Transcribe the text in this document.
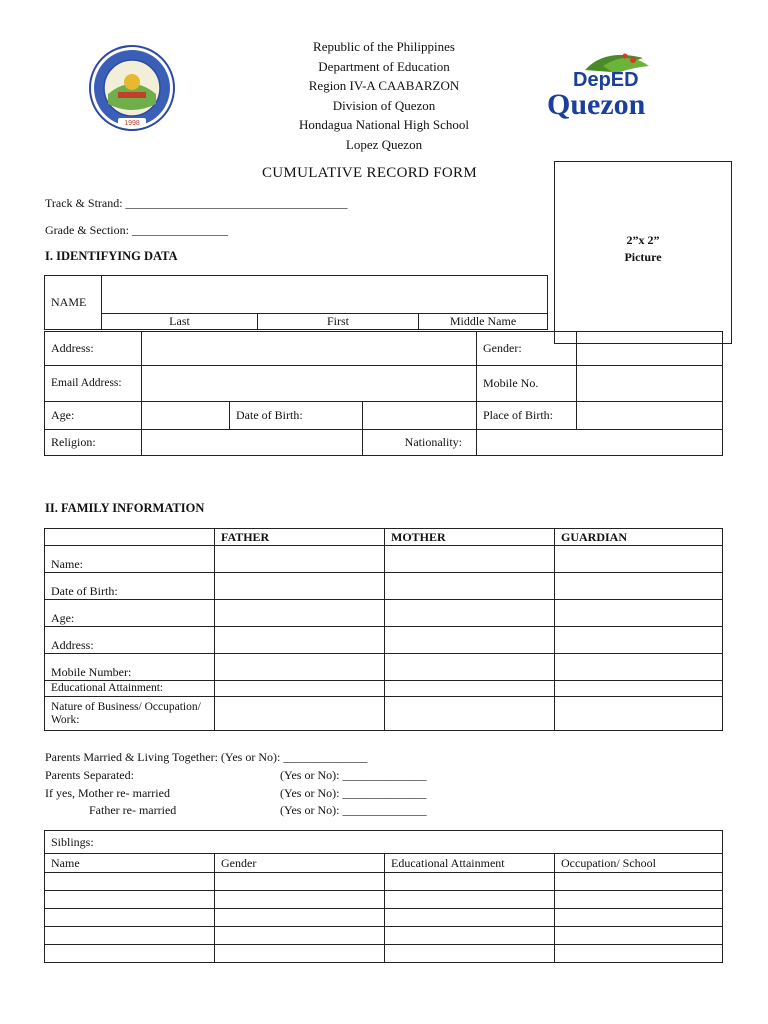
Republic of the Philippines
Department of Education
Region IV-A CAABARZON
Division of Quezon
Hondagua National High School
Lopez Quezon
1998
DepED
Quezon
CUMULATIVE RECORD FORM
2”x 2”
Picture
Track & Strand: _____________________________________
Grade & Section: ________________
I. IDENTIFYING DATA
NAME			
	Last	First	Middle Name
Address:				Gender:	
Email Address:				Mobile No.	
Age:		Date of Birth:		Place of Birth:	
Religion:			Nationality:		
II. FAMILY INFORMATION
	FATHER	MOTHER	GUARDIAN
Name:			
Date of Birth:			
Age:			
Address:			
Mobile Number:			
Educational Attainment:			
Nature of Business/ Occupation/ Work:			
Parents Married & Living Together: (Yes or No): ______________
Parents Separated:	(Yes or No): ______________
If yes, Mother re- married	(Yes or No): ______________
Father re- married	(Yes or No): ______________
Siblings:			
Name	Gender	Educational Attainment	Occupation/ School
